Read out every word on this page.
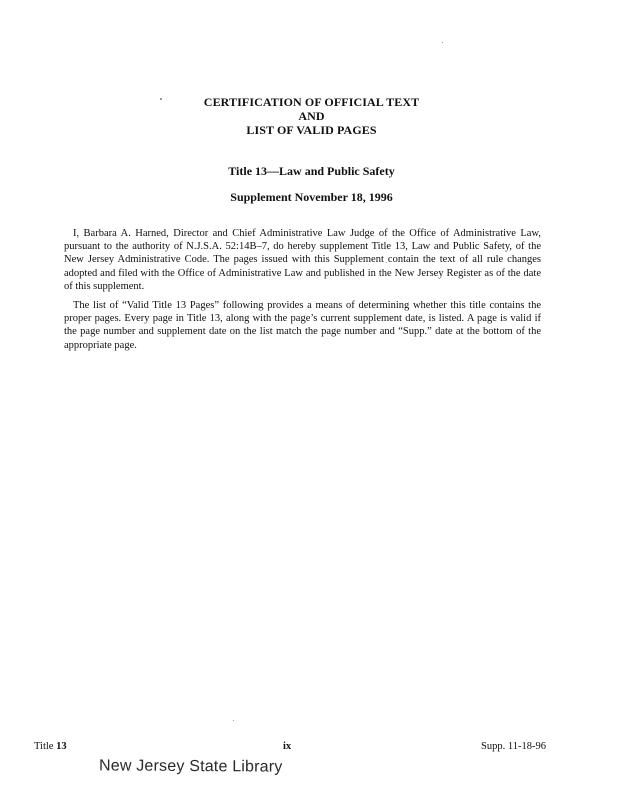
CERTIFICATION OF OFFICIAL TEXT
AND
LIST OF VALID PAGES
Title 13—Law and Public Safety
Supplement November 18, 1996

I, Barbara A. Harned, Director and Chief Administrative Law Judge of the Office of Administrative Law, pursuant to the authority of N.J.S.A. 52:14B–7, do hereby supplement Title 13, Law and Public Safety, of the New Jersey Administrative Code. The pages issued with this Supplement contain the text of all rule changes adopted and filed with the Office of Administrative Law and published in the New Jersey Register as of the date of this supplement.

The list of “Valid Title 13 Pages” following provides a means of determining whether this title contains the proper pages. Every page in Title 13, along with the page’s current supplement date, is listed. A page is valid if the page number and supplement date on the list match the page number and “Supp.” date at the bottom of the appropriate page.

Title 13	ix	Supp. 11-18-96
New Jersey State Library
